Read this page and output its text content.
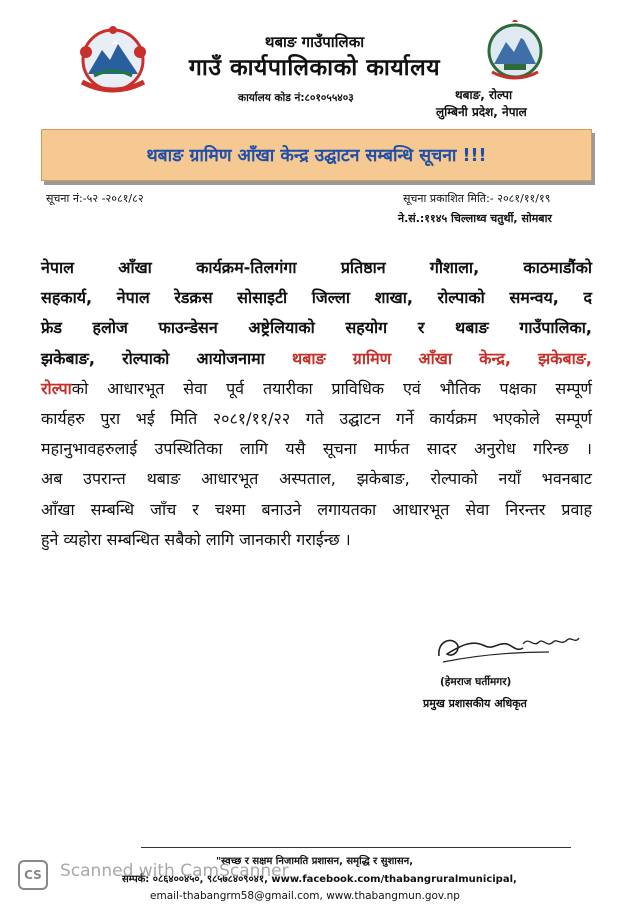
थबाङ गाउँपालिका
गाउँ कार्यपालिकाको कार्यालय
कार्यालय कोड नं:८०१०५५४०३	थबाङ, रोल्पा
लुम्बिनी प्रदेश, नेपाल
थबाङ ग्रामिण आँखा केन्द्र उद्घाटन सम्बन्धि सूचना !!!
सूचना नं:-५२ -२०८१/८२	सूचना प्रकाशित मिति:- २०८१/११/१९
ने.सं.:११४५ चिल्लाथ्व चतुर्थी, सोमबार
नेपाल आँखा कार्यक्रम-तिलगंगा प्रतिष्ठान गौशाला, काठमाडौंको
सहकार्य, नेपाल रेडक्रस सोसाइटी जिल्ला शाखा, रोल्पाको समन्वय, द
फ्रेड हलोज फाउन्डेसन अष्ट्रेलियाको सहयोग र थबाङ गाउँपालिका,
झकेबाङ, रोल्पाको आयोजनामा थबाङ ग्रामिण आँखा केन्द्र, झकेबाङ,
रोल्पाको आधारभूत सेवा पूर्व तयारीका प्राविधिक एवं भौतिक पक्षका सम्पूर्ण
कार्यहरु पुरा भई मिति २०८१/११/२२ गते उद्घाटन गर्ने कार्यक्रम भएकोले सम्पूर्ण
महानुभावहरुलाई उपस्थितिका लागि यसै सूचना मार्फत सादर अनुरोध गरिन्छ ।
अब उपरान्त थबाङ आधारभूत अस्पताल, झकेबाङ, रोल्पाको नयाँ भवनबाट
आँखा सम्बन्धि जाँच र चश्मा बनाउने लगायतका आधारभूत सेवा निरन्तर प्रवाह
हुने व्यहोरा सम्बन्धित सबैको लागि जानकारी गराईन्छ ।
(हेमराज घर्तीमगर)
प्रमुख प्रशासकीय अधिकृत
"स्वच्छ र सक्षम निजामति प्रशासन, समृद्धि र सुशासन,
सम्पर्क: ०८६४००४५०, ९८५७८४०९०४१, www.facebook.com/thabangruralmunicipal,
email-thabangrm58@gmail.com, www.thabangmun.gov.np
CS	Scanned with CamScanner
